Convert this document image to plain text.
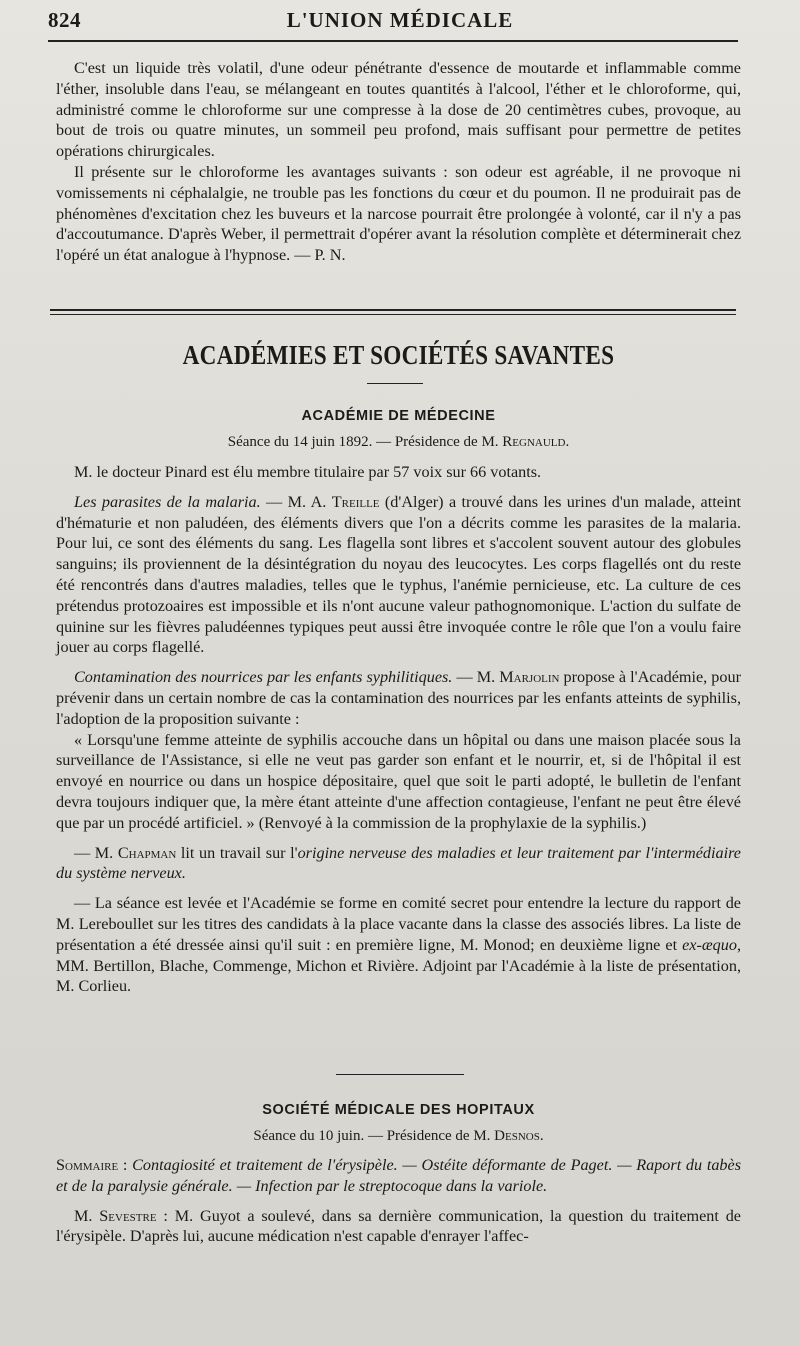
824	L'UNION MÉDICALE

C'est un liquide très volatil, d'une odeur pénétrante d'essence de moutarde et inflammable comme l'éther, insoluble dans l'eau, se mélangeant en toutes quantités à l'alcool, l'éther et le chloroforme, qui, administré comme le chloroforme sur une compresse à la dose de 20 centimètres cubes, provoque, au bout de trois ou quatre minutes, un sommeil peu profond, mais suffisant pour permettre de petites opérations chirurgicales.

Il présente sur le chloroforme les avantages suivants : son odeur est agréable, il ne provoque ni vomissements ni céphalalgie, ne trouble pas les fonctions du cœur et du poumon. Il ne produirait pas de phénomènes d'excitation chez les buveurs et la narcose pourrait être prolongée à volonté, car il n'y a pas d'accoutumance. D'après Weber, il permettrait d'opérer avant la résolution complète et déterminerait chez l'opéré un état analogue à l'hypnose. — P. N.

ACADÉMIES ET SOCIÉTÉS SAVANTES
ACADÉMIE DE MÉDECINE
Séance du 14 juin 1892. — Présidence de M. Regnauld.

M. le docteur Pinard est élu membre titulaire par 57 voix sur 66 votants.

Les parasites de la malaria. — M. A. Treille (d'Alger) a trouvé dans les urines d'un malade, atteint d'hématurie et non paludéen, des éléments divers que l'on a décrits comme les parasites de la malaria. Pour lui, ce sont des éléments du sang. Les flagella sont libres et s'accolent souvent autour des globules sanguins; ils proviennent de la désintégration du noyau des leucocytes. Les corps flagellés ont du reste été rencontrés dans d'autres maladies, telles que le typhus, l'anémie pernicieuse, etc. La culture de ces prétendus protozoaires est impossible et ils n'ont aucune valeur pathognomonique. L'action du sulfate de quinine sur les fièvres paludéennes typiques peut aussi être invoquée contre le rôle que l'on a voulu faire jouer au corps flagellé.

Contamination des nourrices par les enfants syphilitiques. — M. Marjolin propose à l'Académie, pour prévenir dans un certain nombre de cas la contamination des nourrices par les enfants atteints de syphilis, l'adoption de la proposition suivante :

« Lorsqu'une femme atteinte de syphilis accouche dans un hôpital ou dans une maison placée sous la surveillance de l'Assistance, si elle ne veut pas garder son enfant et le nourrir, et, si de l'hôpital il est envoyé en nourrice ou dans un hospice dépositaire, quel que soit le parti adopté, le bulletin de l'enfant devra toujours indiquer que, la mère étant atteinte d'une affection contagieuse, l'enfant ne peut être élevé que par un procédé artificiel. » (Renvoyé à la commission de la prophylaxie de la syphilis.)

— M. Chapman lit un travail sur l'origine nerveuse des maladies et leur traitement par l'intermédiaire du système nerveux.

— La séance est levée et l'Académie se forme en comité secret pour entendre la lecture du rapport de M. Lereboullet sur les titres des candidats à la place vacante dans la classe des associés libres. La liste de présentation a été dressée ainsi qu'il suit : en première ligne, M. Monod; en deuxième ligne et ex-æquo, MM. Bertillon, Blache, Commenge, Michon et Rivière. Adjoint par l'Académie à la liste de présentation, M. Corlieu.

SOCIÉTÉ MÉDICALE DES HOPITAUX
Séance du 10 juin. — Présidence de M. Desnos.

Sommaire : Contagiosité et traitement de l'érysipèle. — Ostéite déformante de Paget. — Raport du tabès et de la paralysie générale. — Infection par le streptocoque dans la variole.

M. Sevestre : M. Guyot a soulevé, dans sa dernière communication, la question du traitement de l'érysipèle. D'après lui, aucune médication n'est capable d'enrayer l'affec-
